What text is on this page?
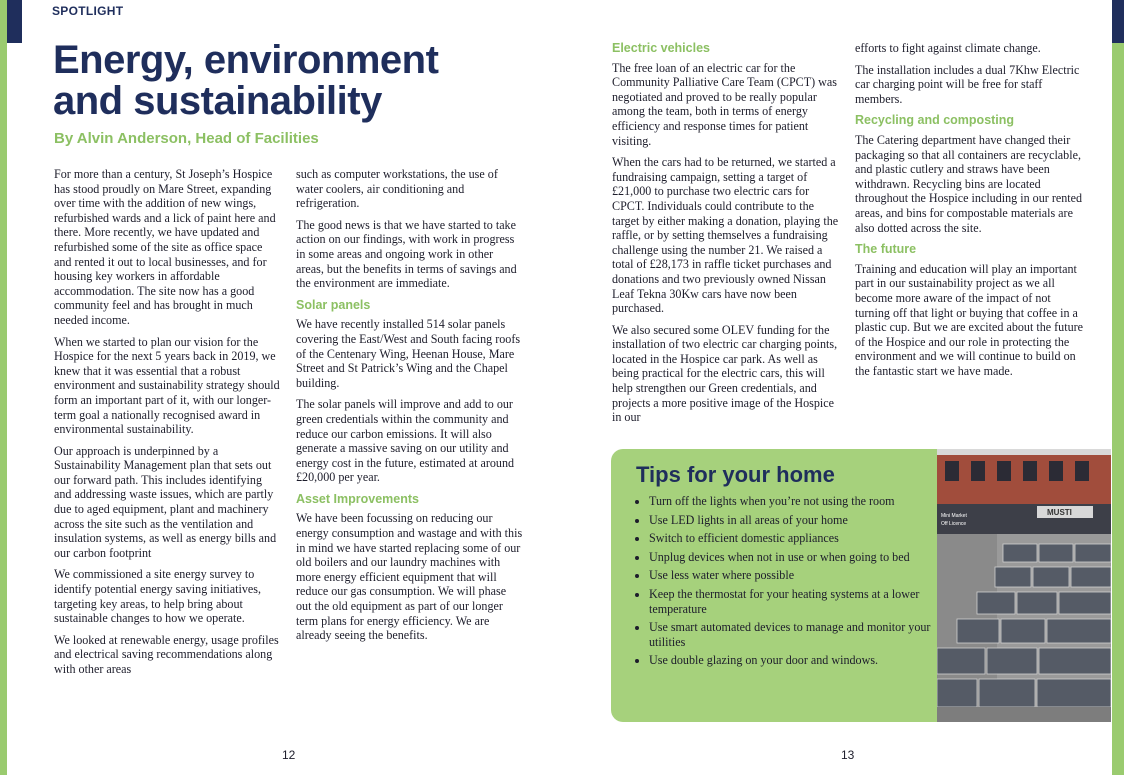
SPOTLIGHT
Energy, environment
and sustainability
By Alvin Anderson, Head of Facilities

For more than a century, St Joseph’s Hospice has stood proudly on Mare Street, expanding over time with the addition of new wings, refurbished wards and a lick of paint here and there. More recently, we have updated and refurbished some of the site as office space and rented it out to local businesses, and for housing key workers in affordable accommodation. The site now has a good community feel and has brought in much needed income.

When we started to plan our vision for the Hospice for the next 5 years back in 2019, we knew that it was essential that a robust environment and sustainability strategy should form an important part of it, with our longer-term goal a nationally recognised award in environmental sustainability.

Our approach is underpinned by a Sustainability Management plan that sets out our forward path. This includes identifying and addressing waste issues, which are partly due to aged equipment, plant and machinery across the site such as the ventilation and insulation systems, as well as energy bills and our carbon footprint

We commissioned a site energy survey to identify potential energy saving initiatives, targeting key areas, to help bring about sustainable changes to how we operate.

We looked at renewable energy, usage profiles and electrical saving recommendations along with other areas

such as computer workstations, the use of water coolers, air conditioning and refrigeration.

The good news is that we have started to take action on our findings, with work in progress in some areas and ongoing work in other areas, but the benefits in terms of savings and the environment are immediate.

Solar panels

We have recently installed 514 solar panels covering the East/West and South facing roofs of the Centenary Wing, Heenan House, Mare Street and St Patrick’s Wing and the Chapel building.

The solar panels will improve and add to our green credentials within the community and reduce our carbon emissions. It will also generate a massive saving on our utility and energy cost in the future, estimated at around £20,000 per year.

Asset Improvements

We have been focussing on reducing our energy consumption and wastage and with this in mind we have started replacing some of our old boilers and our laundry machines with more energy efficient equipment that will reduce our gas consumption. We will phase out the old equipment as part of our longer term plans for energy efficiency. We are already seeing the benefits.

Electric vehicles

The free loan of an electric car for the Community Palliative Care Team (CPCT) was negotiated and proved to be really popular among the team, both in terms of energy efficiency and response times for patient visiting.

When the cars had to be returned, we started a fundraising campaign, setting a target of £21,000 to purchase two electric cars for CPCT. Individuals could contribute to the target by either making a donation, playing the raffle, or by setting themselves a fundraising challenge using the number 21. We raised a total of £28,173 in raffle ticket purchases and donations and two previously owned Nissan Leaf Tekna 30Kw cars have now been purchased.

We also secured some OLEV funding for the installation of two electric car charging points, located in the Hospice car park. As well as being practical for the electric cars, this will help strengthen our Green credentials, and projects a more positive image of the Hospice in our

efforts to fight against climate change.

The installation includes a dual 7Khw Electric car charging point will be free for staff members.

Recycling and composting

The Catering department have changed their packaging so that all containers are recyclable, and plastic cutlery and straws have been withdrawn. Recycling bins are located throughout the Hospice including in our rented areas, and bins for compostable materials are also dotted across the site.

The future

Training and education will play an important part in our sustainability project as we all become more aware of the impact of not turning off that light or buying that coffee in a plastic cup. But we are excited about the future of the Hospice and our role in protecting the environment and we will continue to build on the fantastic start we have made.

Tips for your home
• Turn off the lights when you’re not using the room
• Use LED lights in all areas of your home
• Switch to efficient domestic appliances
• Unplug devices when not in use or when going to bed
• Use less water where possible
• Keep the thermostat for your heating systems at a lower temperature
• Use smart automated devices to manage and monitor your utilities
• Use double glazing on your door and windows.
Mini Market
Off Licence
MUSTI
12	13
